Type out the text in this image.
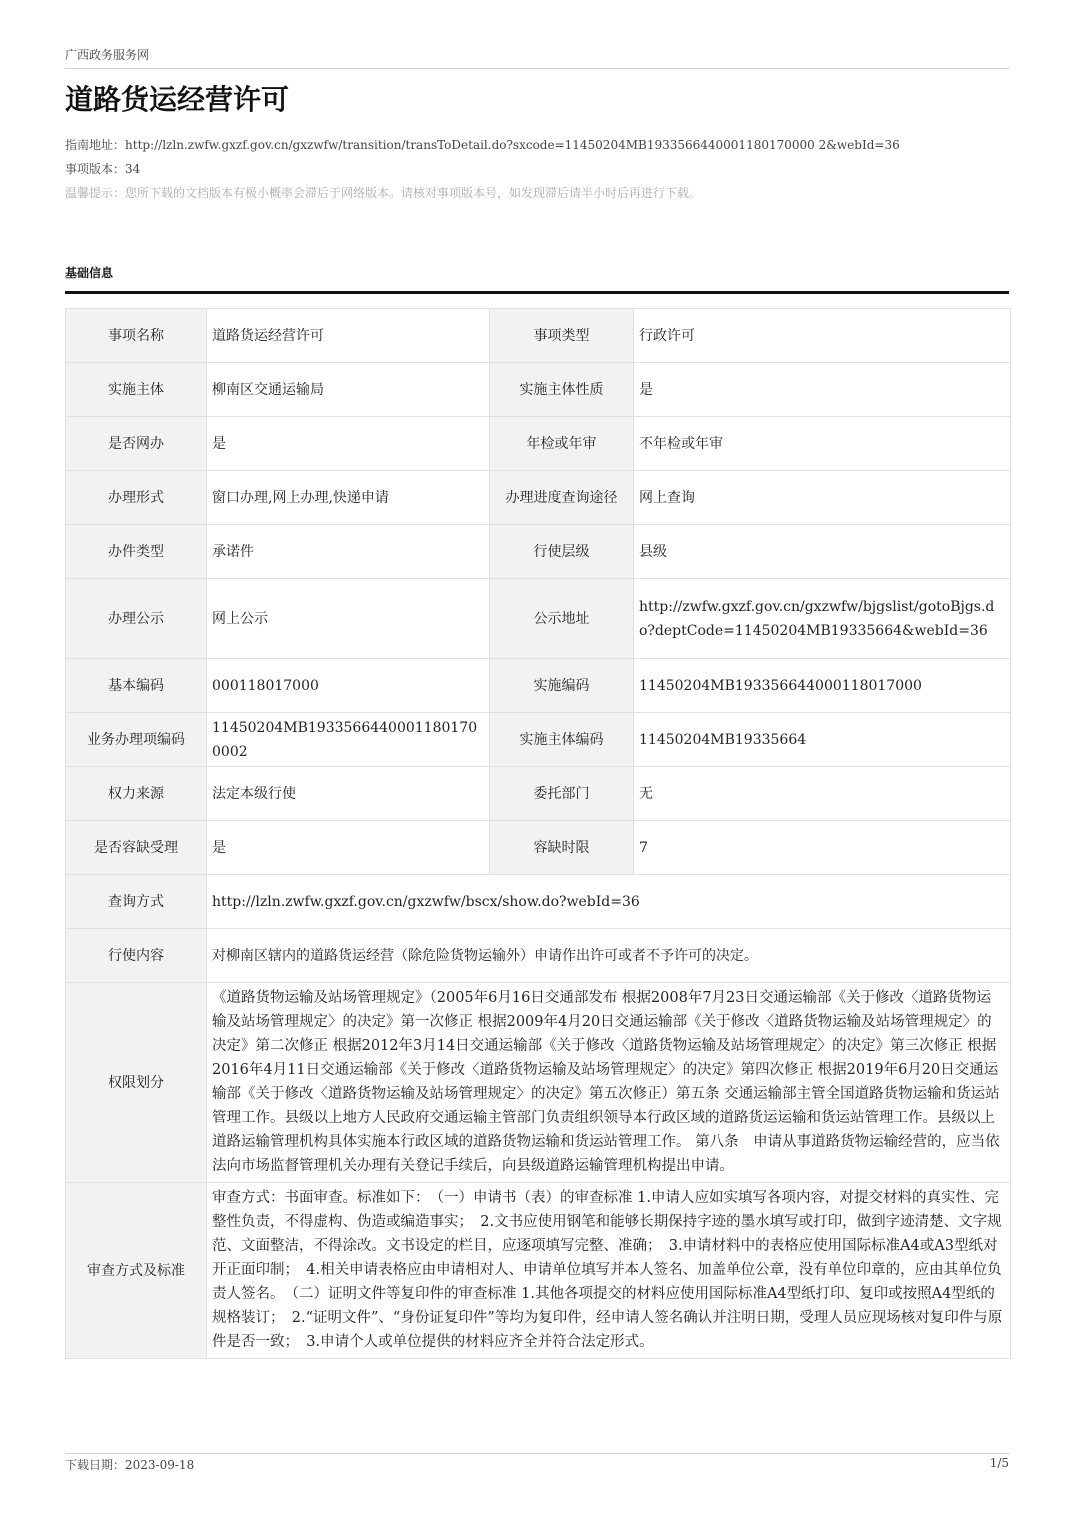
广西政务服务网
道路货运经营许可
指南地址：http://lzln.zwfw.gxzf.gov.cn/gxzwfw/transition/transToDetail.do?sxcode=11450204MB1933566440001180170000 2&webId=36
事项版本：34
温馨提示：您所下载的文档版本有极小概率会滞后于网络版本。请核对事项版本号，如发现滞后请半小时后再进行下载。
基础信息
事项名称	道路货运经营许可	事项类型	行政许可
实施主体	柳南区交通运输局	实施主体性质	是
是否网办	是	年检或年审	不年检或年审
办理形式	窗口办理,网上办理,快递申请	办理进度查询途径	网上查询
办件类型	承诺件	行使层级	县级
办理公示	网上公示	公示地址	http://zwfw.gxzf.gov.cn/gxzwfw/bjgslist/gotoBjgs.do?deptCode=11450204MB19335664&webId=36
基本编码	000118017000	实施编码	11450204MB193356644000118017000
业务办理项编码	11450204MB19335664400011801700002	实施主体编码	11450204MB19335664
权力来源	法定本级行使	委托部门	无
是否容缺受理	是	容缺时限	7
查询方式	http://lzln.zwfw.gxzf.gov.cn/gxzwfw/bscx/show.do?webId=36		
行使内容	对柳南区辖内的道路货运经营（除危险货物运输外）申请作出许可或者不予许可的决定。		
权限划分	《道路货物运输及站场管理规定》（2005年6月16日交通部发布 根据2008年7月23日交通运输部《关于修改〈道路货物运输及站场管理规定〉的决定》第一次修正 根据2009年4月20日交通运输部《关于修改〈道路货物运输及站场管理规定〉的决定》第二次修正 根据2012年3月14日交通运输部《关于修改〈道路货物运输及站场管理规定〉的决定》第三次修正 根据2016年4月11日交通运输部《关于修改〈道路货物运输及站场管理规定〉的决定》第四次修正 根据2019年6月20日交通运输部《关于修改〈道路货物运输及站场管理规定〉的决定》第五次修正）第五条 交通运输部主管全国道路货物运输和货运站管理工作。县级以上地方人民政府交通运输主管部门负责组织领导本行政区域的道路货运运输和货运站管理工作。县级以上道路运输管理机构具体实施本行政区域的道路货物运输和货运站管理工作。 第八条　申请从事道路货物运输经营的，应当依法向市场监督管理机关办理有关登记手续后，向县级道路运输管理机构提出申请。		
审查方式及标准	审查方式：书面审查。标准如下：　（一）申请书（表）的审查标准 1.申请人应如实填写各项内容，对提交材料的真实性、完整性负责，不得虚构、伪造或编造事实；　2.文书应使用钢笔和能够长期保持字迹的墨水填写或打印，做到字迹清楚、文字规范、文面整洁，不得涂改。文书设定的栏目，应逐项填写完整、准确；　3.申请材料中的表格应使用国际标准A4或A3型纸对开正面印制；　4.相关申请表格应由申请相对人、申请单位填写并本人签名、加盖单位公章，没有单位印章的，应由其单位负责人签名。　（二）证明文件等复印件的审查标准 1.其他各项提交的材料应使用国际标准A4型纸打印、复印或按照A4型纸的规格装订；　2.“证明文件”、“身份证复印件”等均为复印件，经申请人签名确认并注明日期，受理人员应现场核对复印件与原件是否一致；　3.申请个人或单位提供的材料应齐全并符合法定形式。		
下载日期：2023-09-18	1/5
